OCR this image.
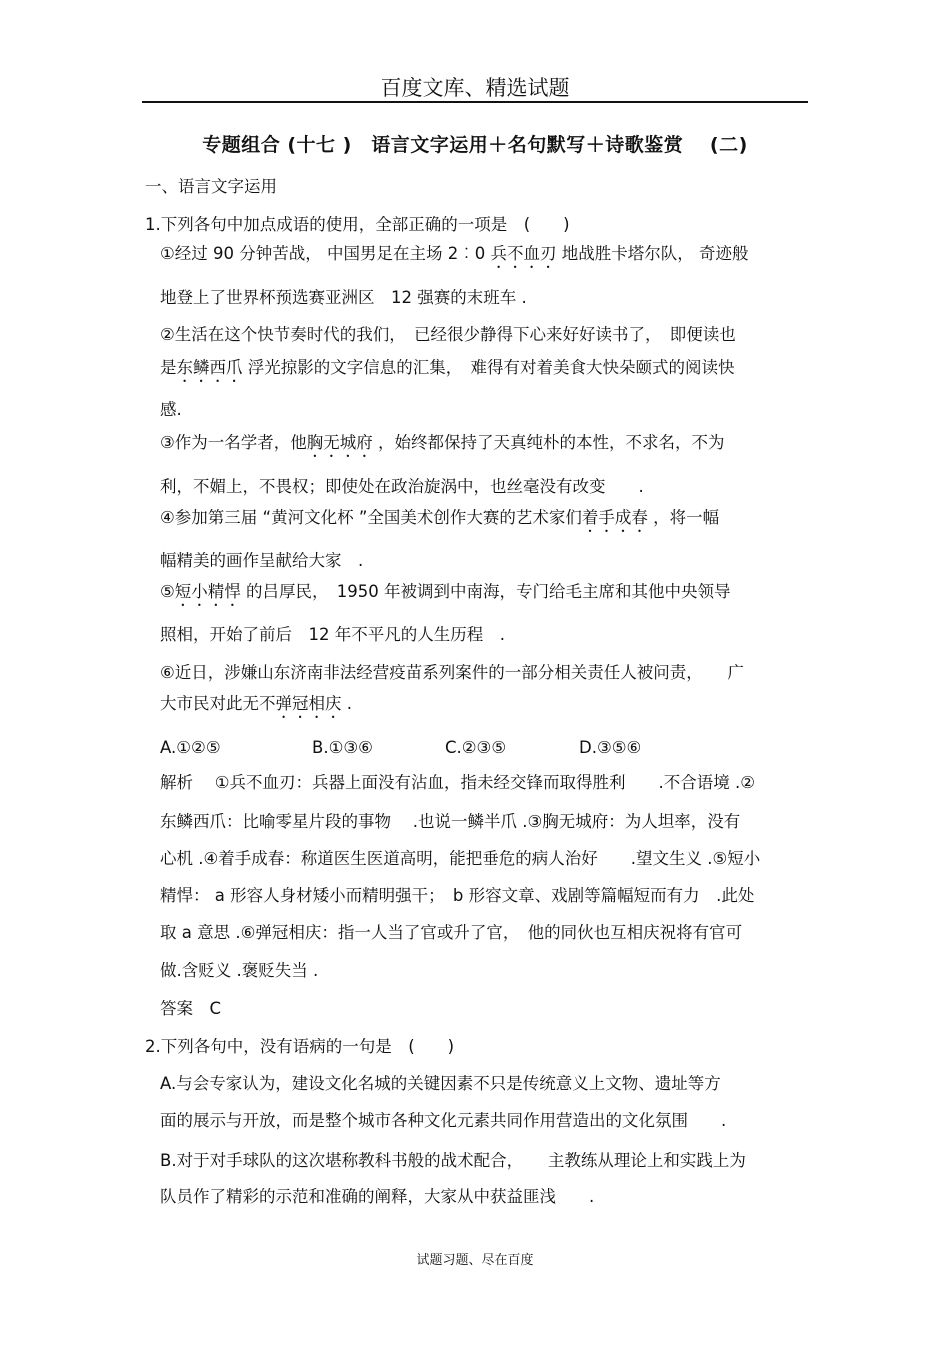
百度文库、精选试题
专题组合 (十七 )　语言文字运用＋名句默写＋诗歌鉴赏　 (二)
一、语言文字运用
1.下列各句中加点成语的使用，全部正确的一项是　(　　)
①经过 90 分钟苦战， 中国男足在主场 2︰0 兵不血刃 地战胜卡塔尔队， 奇迹般
地登上了世界杯预选赛亚洲区　12 强赛的末班车 .
②生活在这个快节奏时代的我们，　已经很少静得下心来好好读书了，　即便读也
是东鳞西爪 浮光掠影的文字信息的汇集，　难得有对着美食大快朵颐式的阅读快
感.
③作为一名学者，他胸无城府 ，始终都保持了天真纯朴的本性，不求名，不为
利，不媚上，不畏权；即使处在政治旋涡中，也丝毫没有改变　　.
④参加第三届 “黄河文化杯 ”全国美术创作大赛的艺术家们着手成春 ，将一幅
幅精美的画作呈献给大家　.
⑤短小精悍 的吕厚民，　1950 年被调到中南海，专门给毛主席和其他中央领导
照相，开始了前后　12 年不平凡的人生历程　.
⑥近日，涉嫌山东济南非法经营疫苗系列案件的一部分相关责任人被问责，　　广
大市民对此无不弹冠相庆 .
A.①②⑤	B.①③⑥	C.②③⑤	D.③⑤⑥
解析　 ①兵不血刃：兵器上面没有沾血，指未经交锋而取得胜利　　.不合语境 .②
东鳞西爪：比喻零星片段的事物　 .也说一鳞半爪 .③胸无城府：为人坦率，没有
心机 .④着手成春：称道医生医道高明，能把垂危的病人治好　　.望文生义 .⑤短小
精悍： a 形容人身材矮小而精明强干；　b 形容文章、戏剧等篇幅短而有力　.此处
取 a 意思 .⑥弹冠相庆：指一人当了官或升了官，　他的同伙也互相庆祝将有官可
做.含贬义 .褒贬失当 .
答案　C
2.下列各句中，没有语病的一句是　(　　)
A.与会专家认为，建设文化名城的关键因素不只是传统意义上文物、遗址等方
面的展示与开放，而是整个城市各种文化元素共同作用营造出的文化氛围　　.
B.对于对手球队的这次堪称教科书般的战术配合，　　主教练从理论上和实践上为
队员作了精彩的示范和准确的阐释，大家从中获益匪浅　　.
试题习题、尽在百度
